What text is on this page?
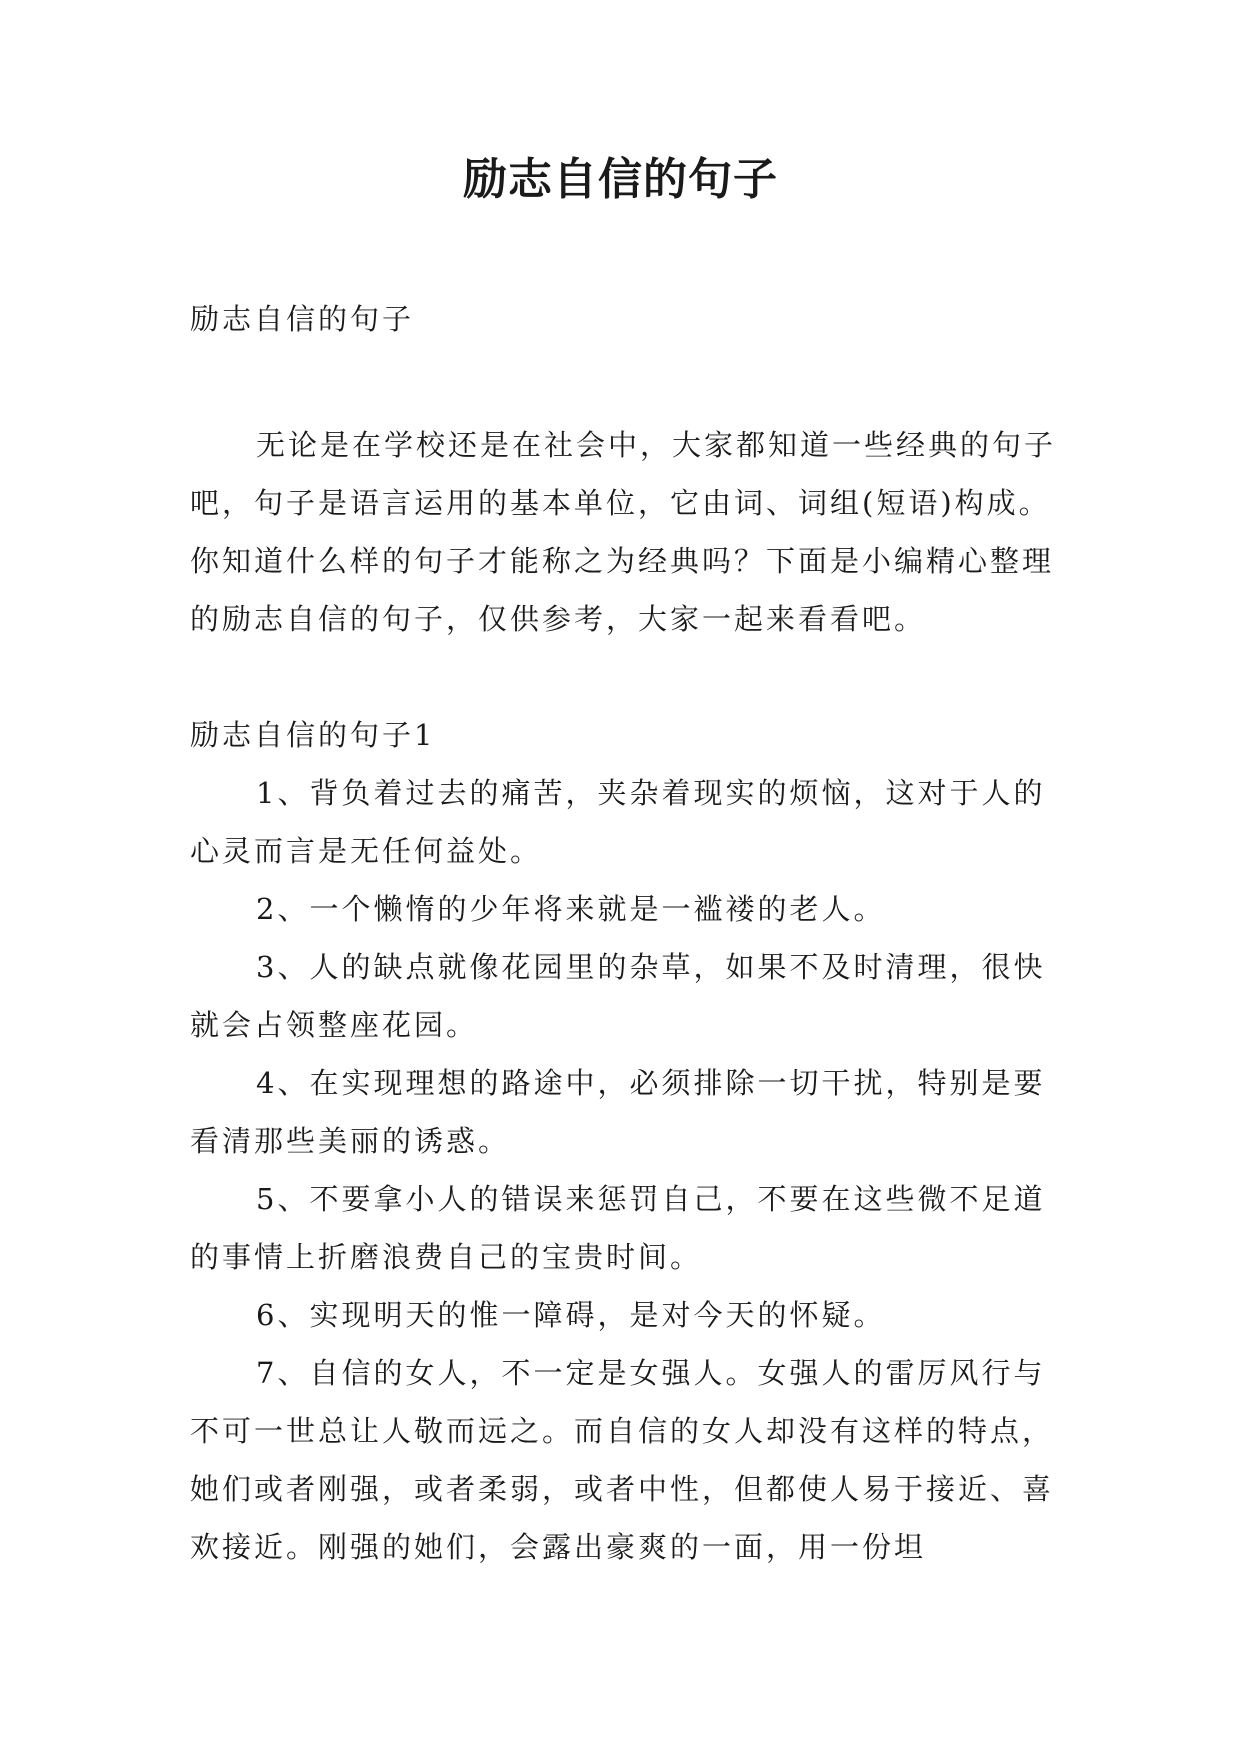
励志自信的句子

励志自信的句子

无论是在学校还是在社会中，大家都知道一些经典的句子吧，句子是语言运用的基本单位，它由词、词组(短语)构成。你知道什么样的句子才能称之为经典吗？下面是小编精心整理的励志自信的句子，仅供参考，大家一起来看看吧。

励志自信的句子1

1、背负着过去的痛苦，夹杂着现实的烦恼，这对于人的心灵而言是无任何益处。

2、一个懒惰的少年将来就是一褴褛的老人。

3、人的缺点就像花园里的杂草，如果不及时清理，很快就会占领整座花园。

4、在实现理想的路途中，必须排除一切干扰，特别是要看清那些美丽的诱惑。

5、不要拿小人的错误来惩罚自己，不要在这些微不足道的事情上折磨浪费自己的宝贵时间。

6、实现明天的惟一障碍，是对今天的怀疑。

7、自信的女人，不一定是女强人。女强人的雷厉风行与不可一世总让人敬而远之。而自信的女人却没有这样的特点，她们或者刚强，或者柔弱，或者中性，但都使人易于接近、喜欢接近。刚强的她们，会露出豪爽的一面，用一份坦
